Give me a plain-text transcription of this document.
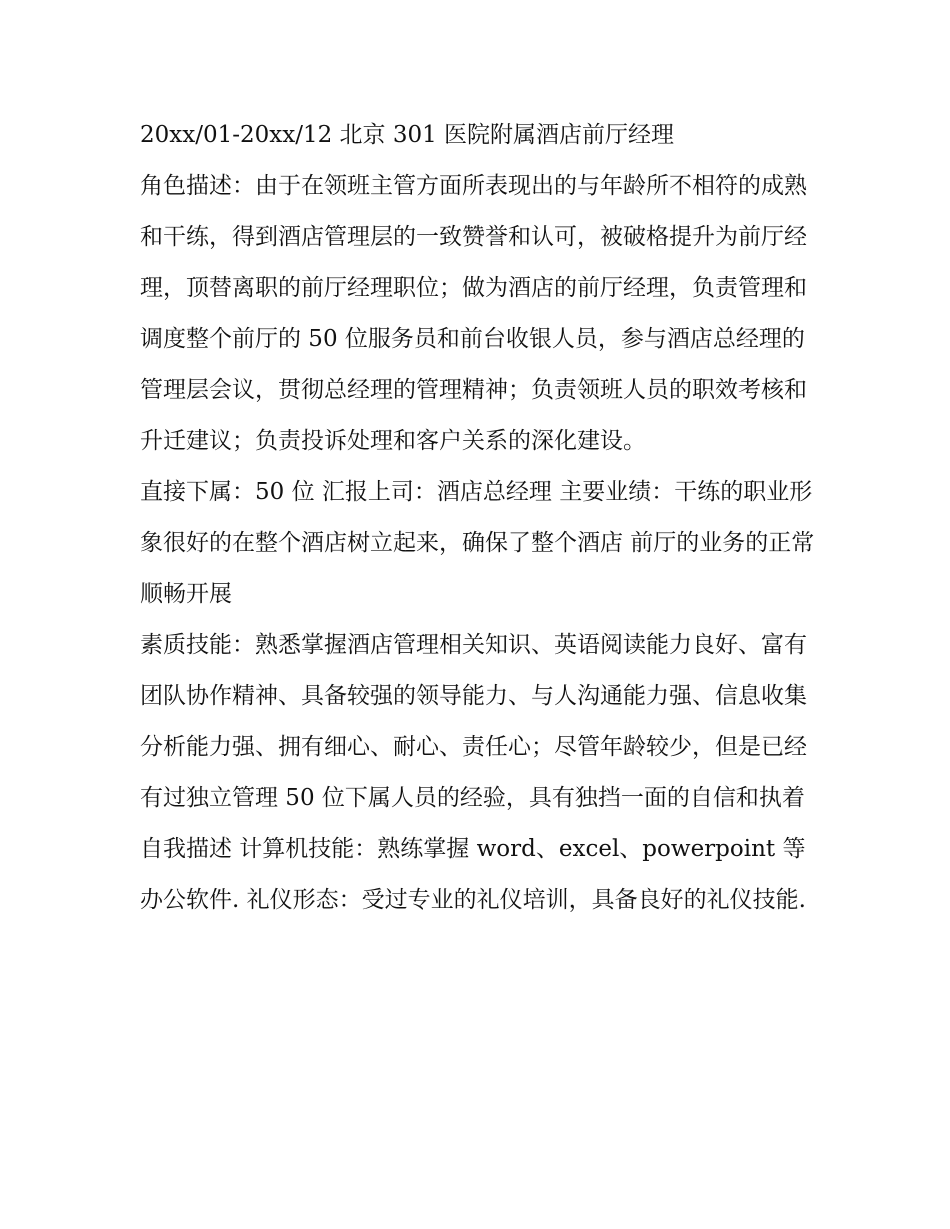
20xx/01-20xx/12 北京 301 医院附属酒店前厅经理

角色描述：由于在领班主管方面所表现出的与年龄所不相符的成熟和干练，得到酒店管理层的一致赞誉和认可，被破格提升为前厅经理，顶替离职的前厅经理职位；做为酒店的前厅经理，负责管理和调度整个前厅的 50 位服务员和前台收银人员，参与酒店总经理的管理层会议，贯彻总经理的管理精神；负责领班人员的职效考核和升迁建议；负责投诉处理和客户关系的深化建设。

直接下属：50 位 汇报上司：酒店总经理 主要业绩：干练的职业形象很好的在整个酒店树立起来，确保了整个酒店 前厅的业务的正常顺畅开展

素质技能：熟悉掌握酒店管理相关知识、英语阅读能力良好、富有团队协作精神、具备较强的领导能力、与人沟通能力强、信息收集分析能力强、拥有细心、耐心、责任心；尽管年龄较少，但是已经有过独立管理 50 位下属人员的经验，具有独挡一面的自信和执着

自我描述 计算机技能：熟练掌握 word、excel、powerpoint 等办公软件. 礼仪形态：受过专业的礼仪培训，具备良好的礼仪技能.
